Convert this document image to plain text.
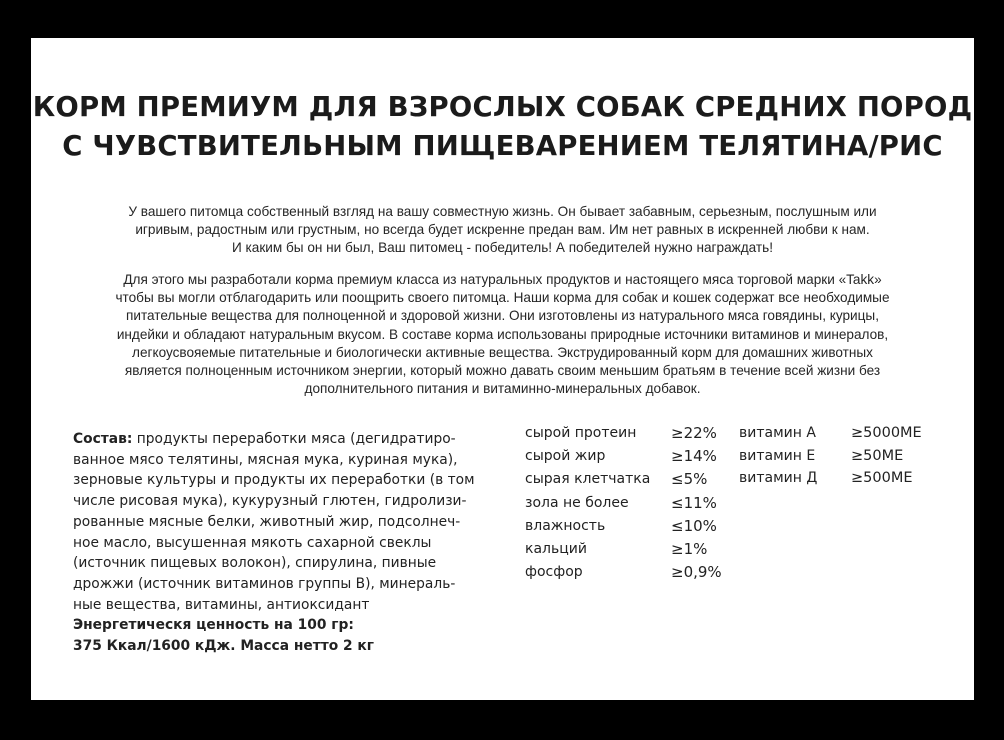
КОРМ ПРЕМИУМ ДЛЯ ВЗРОСЛЫХ СОБАК СРЕДНИХ ПОРОД
С ЧУВСТВИТЕЛЬНЫМ ПИЩЕВАРЕНИЕМ ТЕЛЯТИНА/РИС
У вашего питомца собственный взгляд на вашу совместную жизнь. Он бывает забавным, серьезным, послушным или
игривым, радостным или грустным, но всегда будет искренне предан вам. Им нет равных в искренней любви к нам.
И каким бы он ни был, Ваш питомец - победитель! А победителей нужно награждать!
Для этого мы разработали корма премиум класса из натуральных продуктов и настоящего мяса торговой марки «Takk»
чтобы вы могли отблагодарить или поощрить своего питомца. Наши корма для собак и кошек содержат все необходимые
питательные вещества для полноценной и здоровой жизни. Они изготовлены из натурального мяса говядины, курицы,
индейки и обладают натуральным вкусом. В составе корма использованы природные источники витаминов и минералов,
легкоусвояемые питательные и биологически активные вещества. Экструдированный корм для домашних животных
является полноценным источником энергии, который можно давать своим меньшим братьям в течение всей жизни без
дополнительного питания и витаминно-минеральных добавок.
Состав: продукты переработки мяса (дегидратиро-
ванное мясо телятины, мясная мука, куриная мука),
зерновые культуры и продукты их переработки (в том
числе рисовая мука), кукурузный глютен, гидролизи-
рованные мясные белки, животный жир, подсолнеч-
ное масло, высушенная мякоть сахарной свеклы
(источник пищевых волокон), спирулина, пивные
дрожжи (источник витаминов группы В), минераль-
ные вещества, витамины, антиоксидант
Энергетическя ценность на 100 гр:
375 Ккал/1600 кДж. Масса нетто 2 кг
сырой протеин
сырой жир
сырая клетчатка
зола не более
влажность
кальций
фосфор
≥22%
≥14%
≤5%
≤11%
≤10%
≥1%
≥0,9%
витамин А
витамин Е
витамин Д
≥5000МЕ
≥50МЕ
≥500МЕ
